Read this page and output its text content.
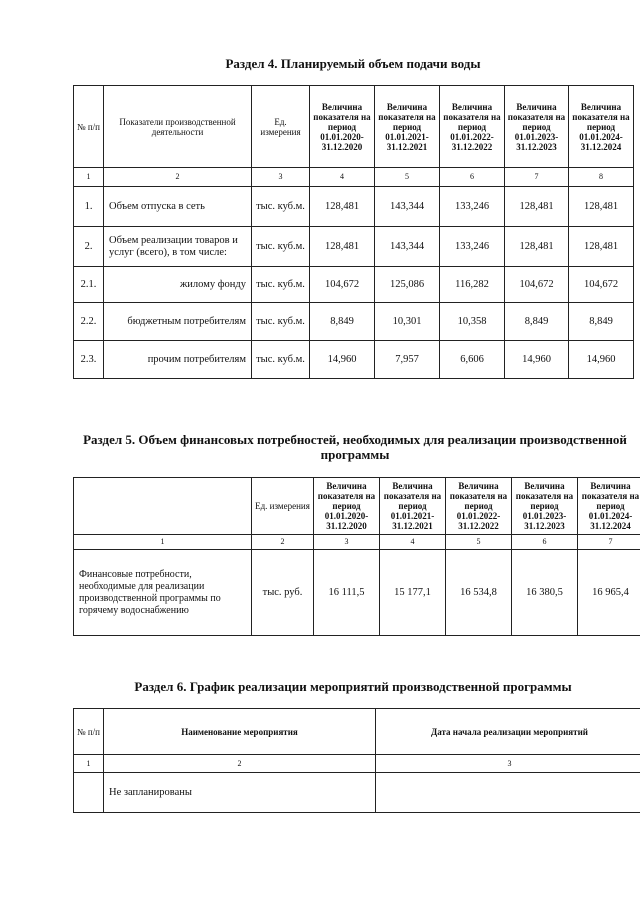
Раздел 4. Планируемый объем подачи воды
№ п/п	Показатели производственной деятельности	Ед. измерения	Величина показателя на период 01.01.2020-31.12.2020	Величина показателя на период 01.01.2021-31.12.2021	Величина показателя на период 01.01.2022-31.12.2022	Величина показателя на период 01.01.2023-31.12.2023	Величина показателя на период 01.01.2024-31.12.2024
1	2	3	4	5	6	7	8
1.	Объем отпуска в сеть	тыс. куб.м.	128,481	143,344	133,246	128,481	128,481
2.	Объем реализации товаров и услуг (всего), в том числе:	тыс. куб.м.	128,481	143,344	133,246	128,481	128,481
2.1.	жилому фонду	тыс. куб.м.	104,672	125,086	116,282	104,672	104,672
2.2.	бюджетным потребителям	тыс. куб.м.	8,849	10,301	10,358	8,849	8,849
2.3.	прочим потребителям	тыс. куб.м.	14,960	7,957	6,606	14,960	14,960
Раздел 5. Объем финансовых потребностей, необходимых для реализации производственной программы
	Ед. измерения	Величина показателя на период 01.01.2020-31.12.2020	Величина показателя на период 01.01.2021-31.12.2021	Величина показателя на период 01.01.2022-31.12.2022	Величина показателя на период 01.01.2023-31.12.2023	Величина показателя на период 01.01.2024-31.12.2024
1	2	3	4	5	6	7
Финансовые потребности, необходимые для реализации производственной программы по горячему водоснабжению	тыс. руб.	16 111,5	15 177,1	16 534,8	16 380,5	16 965,4
Раздел 6. График реализации мероприятий производственной программы
№ п/п	Наименование мероприятия	Дата начала реализации мероприятий
1	2	3
	Не запланированы	
